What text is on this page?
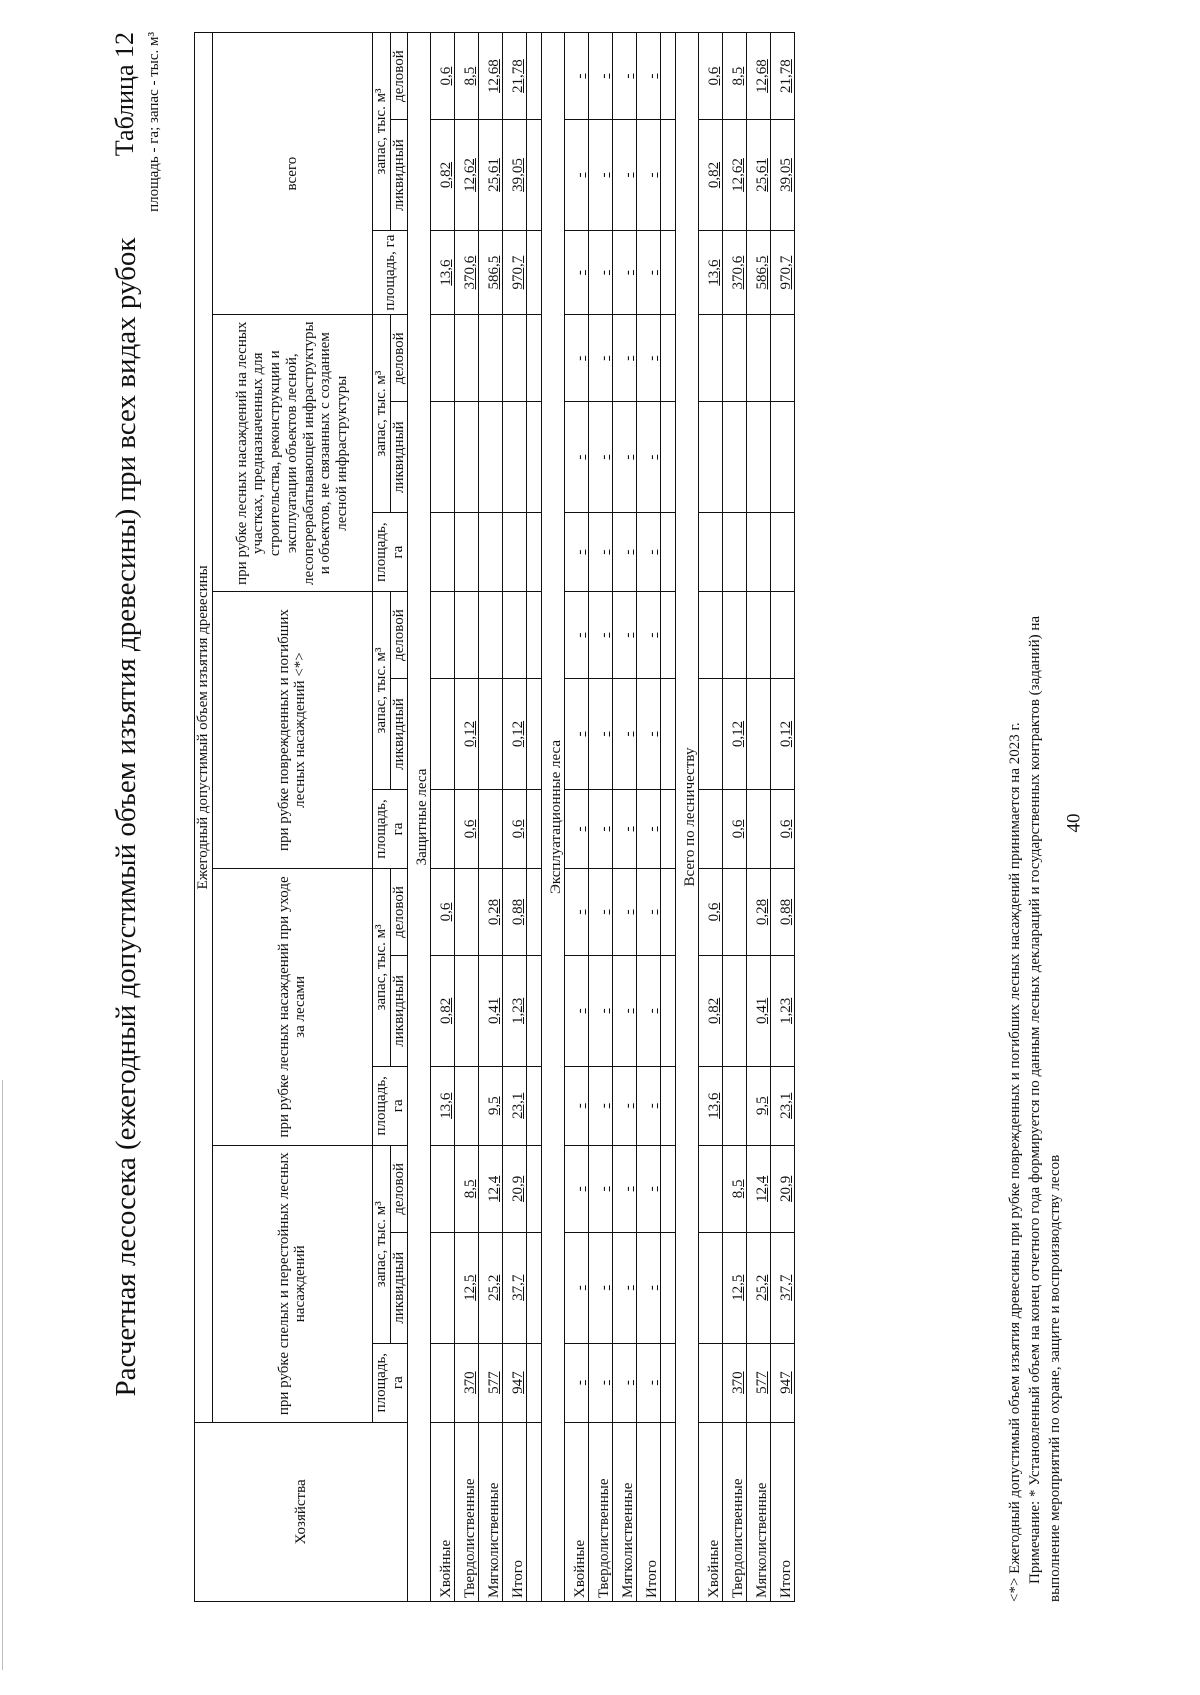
40
Расчетная лесосека (ежегодный допустимый объем изъятия древесины) при всех видах рубок
Таблица 12 площадь - га; запас - тыс. м³
Хозяйства	Ежегодный допустимый объем изъятия древесины														
	при рубке спелых и перестойных лесных насаждений			при рубке лесных насаждений при уходе за лесами			при рубке поврежденных и погибших лесных насаждений <*>			при рубке лесных насаждений на лесных участках, предназначенных для строительства, реконструкции и эксплуатации объектов лесной, лесоперерабатывающей инфраструктуры и объектов, не связанных с созданием лесной инфраструктуры			всего		
	площадь, га	запас, тыс. м³		площадь, га	запас, тыс. м³		площадь, га	запас, тыс. м³		площадь, га	запас, тыс. м³		площадь, га	запас, тыс. м³	
		ликвидный	деловой		ликвидный	деловой		ликвидный	деловой		ликвидный	деловой		ликвидный	деловой
Защитные леса															
Хвойные				13,6	0,82	0,6							13,6	0,82	0,6
Твердолиственные	370	12,5	8,5				0,6	0,12					370,6	12,62	8,5
Мягколиственные	577	25,2	12,4	9,5	0,41	0,28							586,5	25,61	12,68
Итого	947	37,7	20,9	23,1	1,23	0,88	0,6	0,12					970,7	39,05	21,78

Эксплуатационные леса															
Хвойные	-	-	-	-	-	-	-	-	-	-	-	-	-	-	-
Твердолиственные	-	-	-	-	-	-	-	-	-	-	-	-	-	-	-
Мягколиственные	-	-	-	-	-	-	-	-	-	-	-	-	-	-	-
Итого	-	-	-	-	-	-	-	-	-	-	-	-	-	-	-

Всего по лесничеству															
Хвойные				13,6	0,82	0,6							13,6	0,82	0,6
Твердолиственные	370	12,5	8,5				0,6	0,12					370,6	12,62	8,5
Мягколиственные	577	25,2	12,4	9,5	0,41	0,28							586,5	25,61	12,68
Итого	947	37,7	20,9	23,1	1,23	0,88	0,6	0,12					970,7	39,05	21,78

<*> Ежегодный допустимый объем изъятия древесины при рубке поврежденных и погибших лесных насаждений принимается на 2023 г. Примечание: * Установленный объем на конец отчетного года формируется по данным лесных деклараций и государственных контрактов (заданий) на выполнение мероприятий по охране, защите и воспроизводству лесов
